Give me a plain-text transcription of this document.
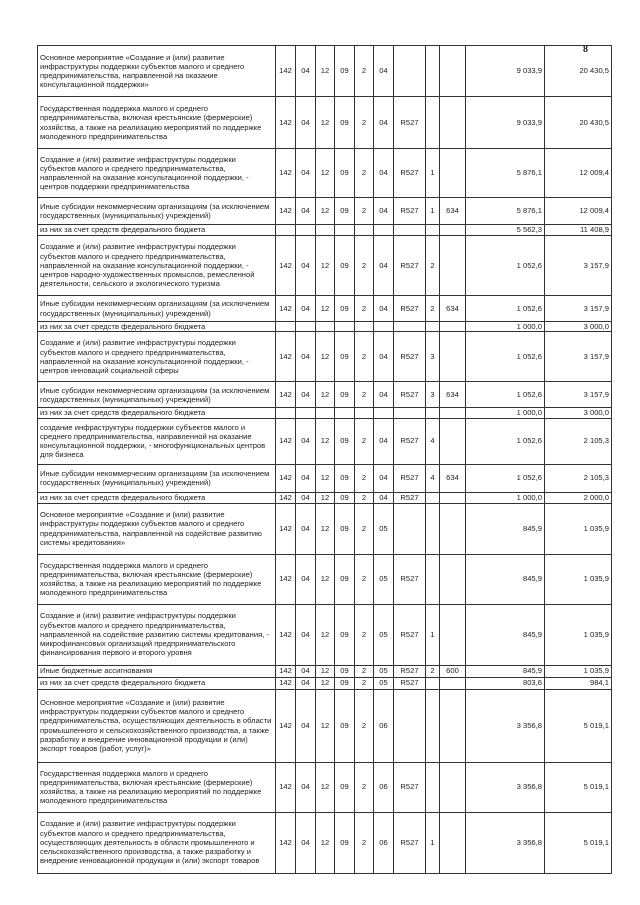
8
Основное мероприятие «Создание и (или) развитие инфраструктуры поддержки субъектов малого и среднего предпринимательства, направленной на оказание консультационной поддержки»	142	04	12	09	2	04				9 033,9	20 430,5
Государственная поддержка малого и среднего предпринимательства, включая крестьянские (фермерские) хозяйства, а также на реализацию мероприятий по поддержке молодежного предпринимательства	142	04	12	09	2	04	R527			9 033,9	20 430,5
Создание и (или) развитие инфраструктуры поддержки субъектов малого и среднего предпринимательства, направленной на оказание консультационной поддержки, - центров поддержки предпринимательства	142	04	12	09	2	04	R527	1		5 876,1	12 009,4
Иные субсидии некоммерческим организациям (за исключением государственных (муниципальных) учреждений)	142	04	12	09	2	04	R527	1	634	5 876,1	12 009,4
из них за счет средств федерального бюджета										5 562,3	11 408,9
Создание и (или) развитие инфраструктуры поддержки субъектов малого и среднего предпринимательства, направленной на оказание консультационной поддержки, - центров народно-художественных промыслов, ремесленной деятельности, сельского и экологического туризма	142	04	12	09	2	04	R527	2		1 052,6	3 157,9
Иные субсидии некоммерческим организациям (за исключением государственных (муниципальных) учреждений)	142	04	12	09	2	04	R527	2	634	1 052,6	3 157,9
из них за счет средств федерального бюджета										1 000,0	3 000,0
Создание и (или) развитие инфраструктуры поддержки субъектов малого и среднего предпринимательства, направленной на оказание консультационной поддержки, - центров инноваций социальной сферы	142	04	12	09	2	04	R527	3		1 052,6	3 157,9
Иные субсидии некоммерческим организациям (за исключением государственных (муниципальных) учреждений)	142	04	12	09	2	04	R527	3	634	1 052,6	3 157,9
из них за счет средств федерального бюджета										1 000,0	3 000,0
создание инфраструктуры поддержки субъектов малого и среднего предпринимательства, направленной на оказание консультационной поддержки, - многофункциональных центров для бизнеса	142	04	12	09	2	04	R527	4		1 052,6	2 105,3
Иные субсидии некоммерческим организациям (за исключением государственных (муниципальных) учреждений)	142	04	12	09	2	04	R527	4	634	1 052,6	2 105,3
из них за счет средств федерального бюджета	142	04	12	09	2	04	R527			1 000,0	2 000,0
Основное мероприятие «Создание и (или) развитие инфраструктуры поддержки субъектов малого и среднего предпринимательства, направленной на содействие развитию системы кредитования»	142	04	12	09	2	05				845,9	1 035,9
Государственная поддержка малого и среднего предпринимательства, включая крестьянские (фермерские) хозяйства, а также на реализацию мероприятий по поддержке молодежного предпринимательства	142	04	12	09	2	05	R527			845,9	1 035,9
Создание и (или) развитие инфраструктуры поддержки субъектов малого и среднего предпринимательства, направленной на содействие развитию системы кредитования, - микрофинансовых организаций предпринимательского финансирования первого и второго уровня	142	04	12	09	2	05	R527	1		845,9	1 035,9
Иные бюджетные ассигнования	142	04	12	09	2	05	R527	2	600	845,9	1 035,9
из них за счет средств федерального бюджета	142	04	12	09	2	05	R527			803,6	984,1
Основное мероприятие «Создание и (или) развитие инфраструктуры поддержки субъектов малого и среднего предпринимательства, осуществляющих деятельность в области промышленного и сельскохозяйственного производства, а также разработку и внедрение инновационной продукции и (или) экспорт товаров (работ, услуг)»	142	04	12	09	2	06				3 356,8	5 019,1
Государственная поддержка малого и среднего предпринимательства, включая крестьянские (фермерские) хозяйства, а также на реализацию мероприятий по поддержке молодежного предпринимательства	142	04	12	09	2	06	R527			3 356,8	5 019,1
Создание и (или) развитие инфраструктуры поддержки субъектов малого и среднего предпринимательства, осуществляющих деятельность в области промышленного и сельскохозяйственного производства, а также разработку и внедрение инновационной продукции и (или) экспорт товаров	142	04	12	09	2	06	R527	1		3 356,8	5 019,1
